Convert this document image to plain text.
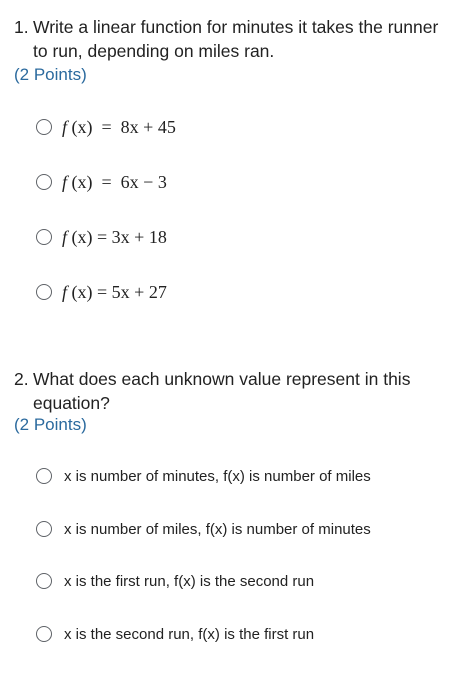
1. Write a linear function for minutes it takes the runner to run, depending on miles ran.
(2 Points)
f (x)  =  8x + 45
f (x)  =  6x − 3
f (x) = 3x + 18
f (x) = 5x + 27
2. What does each unknown value represent in this equation?
(2 Points)
x is number of minutes, f(x) is number of miles
x is number of miles, f(x) is number of minutes
x is the first run, f(x) is the second run
x is the second run, f(x) is the first run
